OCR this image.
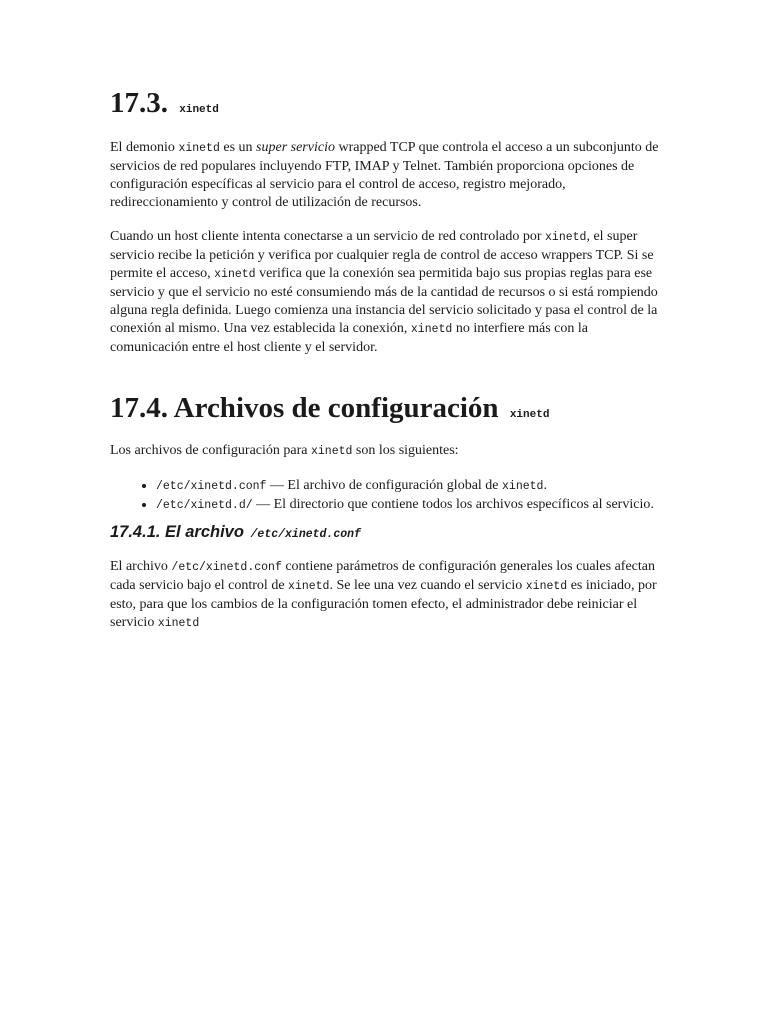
17.3. xinetd

El demonio xinetd es un super servicio wrapped TCP que controla el acceso a un subconjunto de servicios de red populares incluyendo FTP, IMAP y Telnet. También proporciona opciones de configuración específicas al servicio para el control de acceso, registro mejorado, redireccionamiento y control de utilización de recursos.

Cuando un host cliente intenta conectarse a un servicio de red controlado por xinetd, el super servicio recibe la petición y verifica por cualquier regla de control de acceso wrappers TCP. Si se permite el acceso, xinetd verifica que la conexión sea permitida bajo sus propias reglas para ese servicio y que el servicio no esté consumiendo más de la cantidad de recursos o si está rompiendo alguna regla definida. Luego comienza una instancia del servicio solicitado y pasa el control de la conexión al mismo. Una vez establecida la conexión, xinetd no interfiere más con la comunicación entre el host cliente y el servidor.

17.4. Archivos de configuración xinetd

Los archivos de configuración para xinetd son los siguientes:

• /etc/xinetd.conf — El archivo de configuración global de xinetd.
• /etc/xinetd.d/ — El directorio que contiene todos los archivos específicos al servicio.
17.4.1. El archivo /etc/xinetd.conf

El archivo /etc/xinetd.conf contiene parámetros de configuración generales los cuales afectan cada servicio bajo el control de xinetd. Se lee una vez cuando el servicio xinetd es iniciado, por esto, para que los cambios de la configuración tomen efecto, el administrador debe reiniciar el servicio xinetd
